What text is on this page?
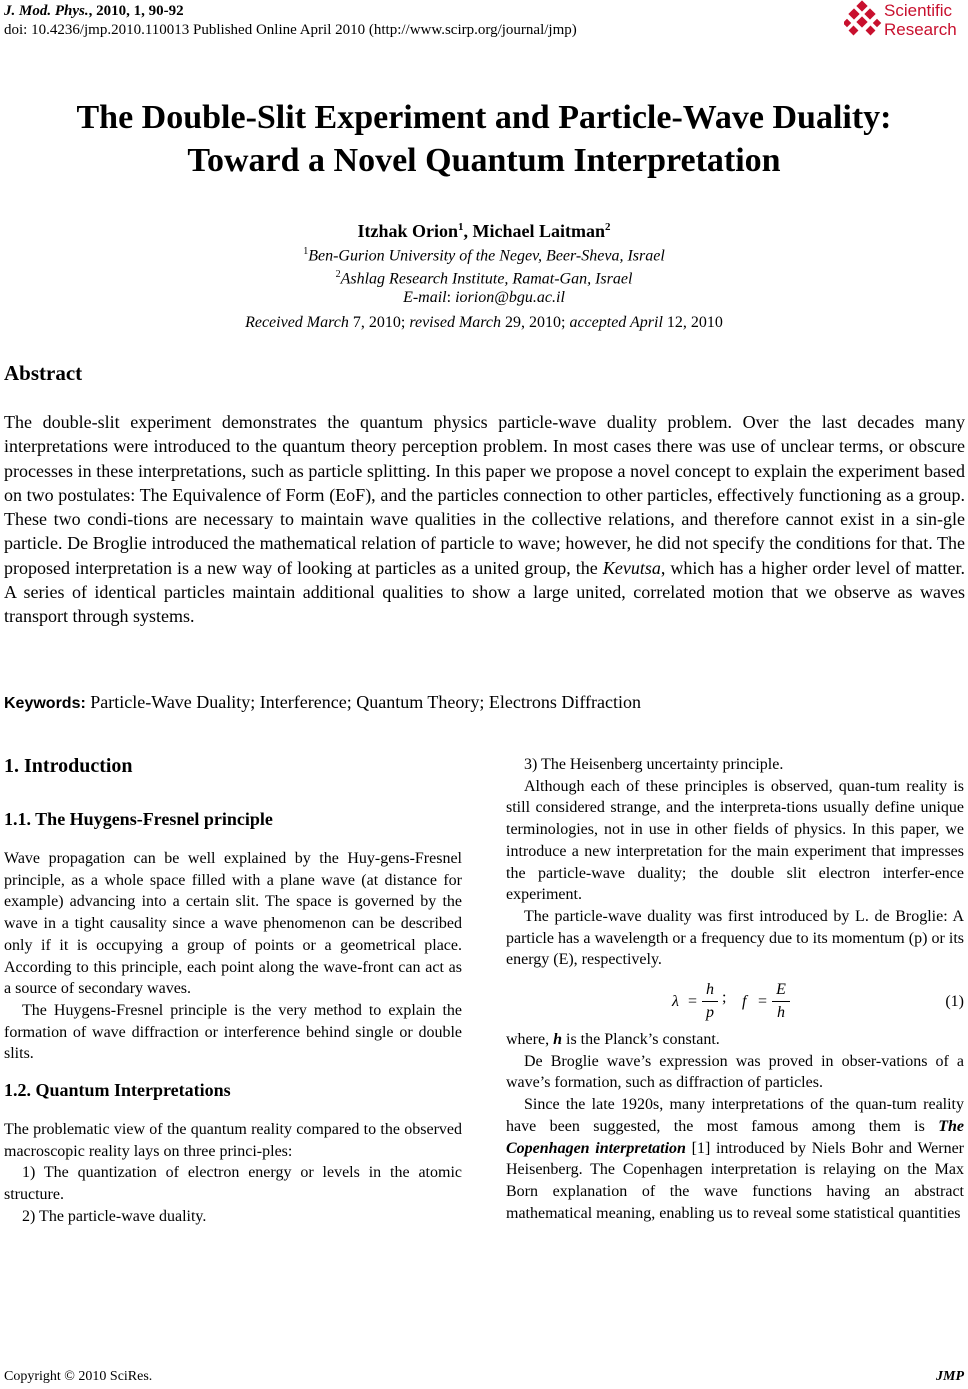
J. Mod. Phys., 2010, 1, 90-92
doi: 10.4236/jmp.2010.110013 Published Online April 2010 (http://www.scirp.org/journal/jmp)
Scientific
Research
The Double-Slit Experiment and Particle-Wave Duality:
Toward a Novel Quantum Interpretation
Itzhak Orion$^1$, Michael Laitman$^2$
$^1$Ben-Gurion University of the Negev, Beer-Sheva, Israel
$^2$Ashlag Research Institute, Ramat-Gan, Israel
E-mail: iorion@bgu.ac.il
Received March 7, 2010; revised March 29, 2010; accepted April 12, 2010
Abstract
The double-slit experiment demonstrates the quantum physics particle-wave duality problem. Over the last decades many interpretations were introduced to the quantum theory perception problem. In most cases there was use of unclear terms, or obscure processes in these interpretations, such as particle splitting. In this paper we propose a novel concept to explain the experiment based on two postulates: The Equivalence of Form (EoF), and the particles connection to other particles, effectively functioning as a group. These two condi-tions are necessary to maintain wave qualities in the collective relations, and therefore cannot exist in a sin-gle particle. De Broglie introduced the mathematical relation of particle to wave; however, he did not specify the conditions for that. The proposed interpretation is a new way of looking at particles as a united group, the Kevutsa, which has a higher order level of matter. A series of identical particles maintain additional qualities to show a large united, correlated motion that we observe as waves transport through systems.
Keywords: Particle-Wave Duality; Interference; Quantum Theory; Electrons Diffraction
1. Introduction
1.1. The Huygens-Fresnel principle

Wave propagation can be well explained by the Huy-gens-Fresnel principle, as a whole space filled with a plane wave (at distance for example) advancing into a certain slit. The space is governed by the wave in a tight causality since a wave phenomenon can be described only if it is occupying a group of points or a geometrical place. According to this principle, each point along the wave-front can act as a source of secondary waves.

The Huygens-Fresnel principle is the very method to explain the formation of wave diffraction or interference behind single or double slits.

1.2. Quantum Interpretations

The problematic view of the quantum reality compared to the observed macroscopic reality lays on three princi-ples:

1) The quantization of electron energy or levels in the atomic structure.

2) The particle-wave duality.

3) The Heisenberg uncertainty principle.

Although each of these principles is observed, quan-tum reality is still considered strange, and the interpreta-tions usually define unique terminologies, not in use in other fields of physics. In this paper, we introduce a new interpretation for the main experiment that impresses the particle-wave duality; the double slit electron interfer-ence experiment.

The particle-wave duality was first introduced by L. de Broglie: A particle has a wavelength or a frequency due to its momentum (p) or its energy (E), respectively.

$\lambda = \frac{h}{p}$ ; $f = \frac{E}{h}$	(1)

where, h is the Planck’s constant.

De Broglie wave’s expression was proved in obser-vations of a wave’s formation, such as diffraction of particles.

Since the late 1920s, many interpretations of the quan-tum reality have been suggested, the most famous among them is The Copenhagen interpretation [1] introduced by Niels Bohr and Werner Heisenberg. The Copenhagen interpretation is relaying on the Max Born explanation of the wave functions having an abstract mathematical meaning, enabling us to reveal some statistical quantities

Copyright © 2010 SciRes.	JMP
